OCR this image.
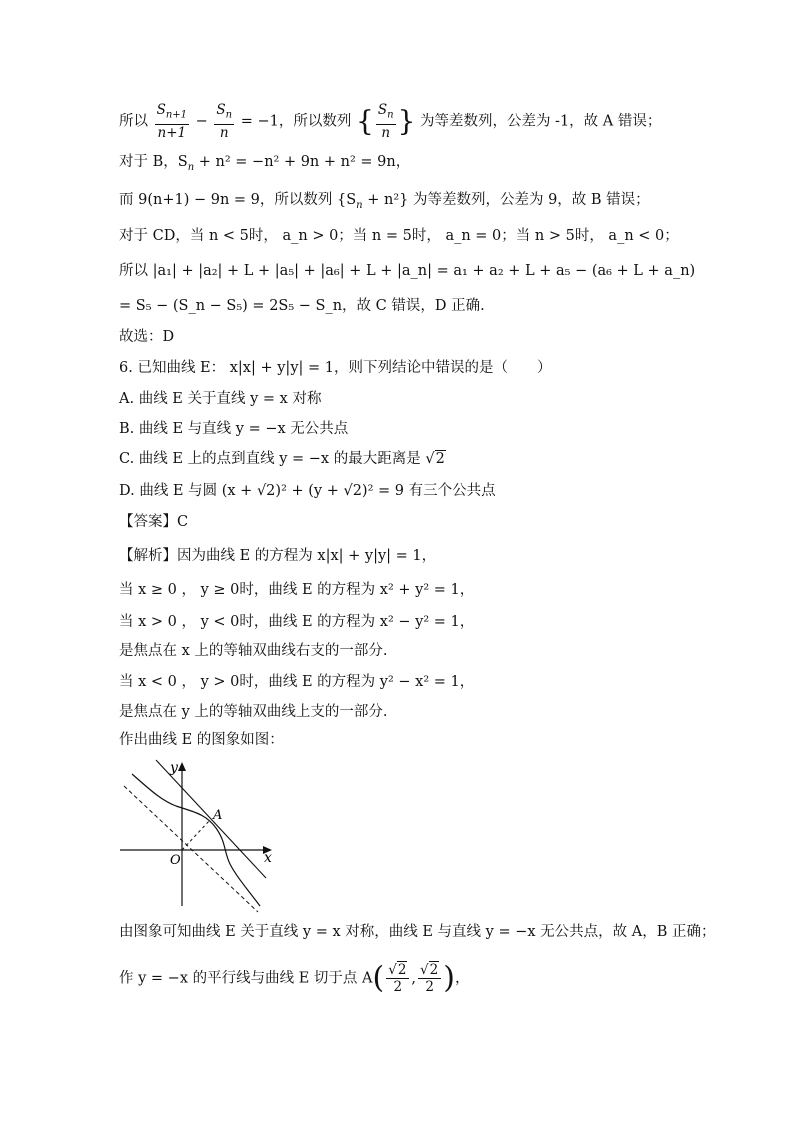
所以 $\frac{S_{n+1}}{n+1} - \frac{S_n}{n} = -1$，所以数列 { $\frac{S_n}{n}$ } 为等差数列，公差为 -1，故 A 错误；
对于 B，$S_n + n^2 = -n^2 + 9n + n^2 = 9n$，
而 9(n+1) − 9n = 9，所以数列 $\{S_n + n^2\}$ 为等差数列，公差为 9，故 B 错误；
对于 CD，当 n < 5时， a_n > 0；当 n = 5时， a_n = 0；当 n > 5时， a_n < 0；
所以 |a₁| + |a₂| + L + |a₅| + |a₆| + L + |a_n| = a₁ + a₂ + L + a₅ − (a₆ + L + a_n)
= S₅ − (S_n − S₅) = 2S₅ − S_n，故 C 错误，D 正确.
故选：D
6. 已知曲线 E： x|x| + y|y| = 1，则下列结论中错误的是（　　）
A. 曲线 E 关于直线 y = x 对称
B. 曲线 E 与直线 y = −x 无公共点
C. 曲线 E 上的点到直线 y = −x 的最大距离是 √2
D. 曲线 E 与圆 (x + √2)² + (y + √2)² = 9 有三个公共点
【答案】C
【解析】因为曲线 E 的方程为 x|x| + y|y| = 1，
当 x ≥ 0 ， y ≥ 0时，曲线 E 的方程为 x² + y² = 1，
当 x > 0 ， y < 0时，曲线 E 的方程为 x² − y² = 1，
是焦点在 x 上的等轴双曲线右支的一部分.
当 x < 0 ， y > 0时，曲线 E 的方程为 y² − x² = 1，
是焦点在 y 上的等轴双曲线上支的一部分.
作出曲线 E 的图象如图：
y
x
O
A
由图象可知曲线 E 关于直线 y = x 对称，曲线 E 与直线 y = −x 无公共点，故 A，B 正确；
作 y = −x 的平行线与曲线 E 切于点 $A( \frac{√2}{2}$ , $\frac{√2}{2}$ )，
